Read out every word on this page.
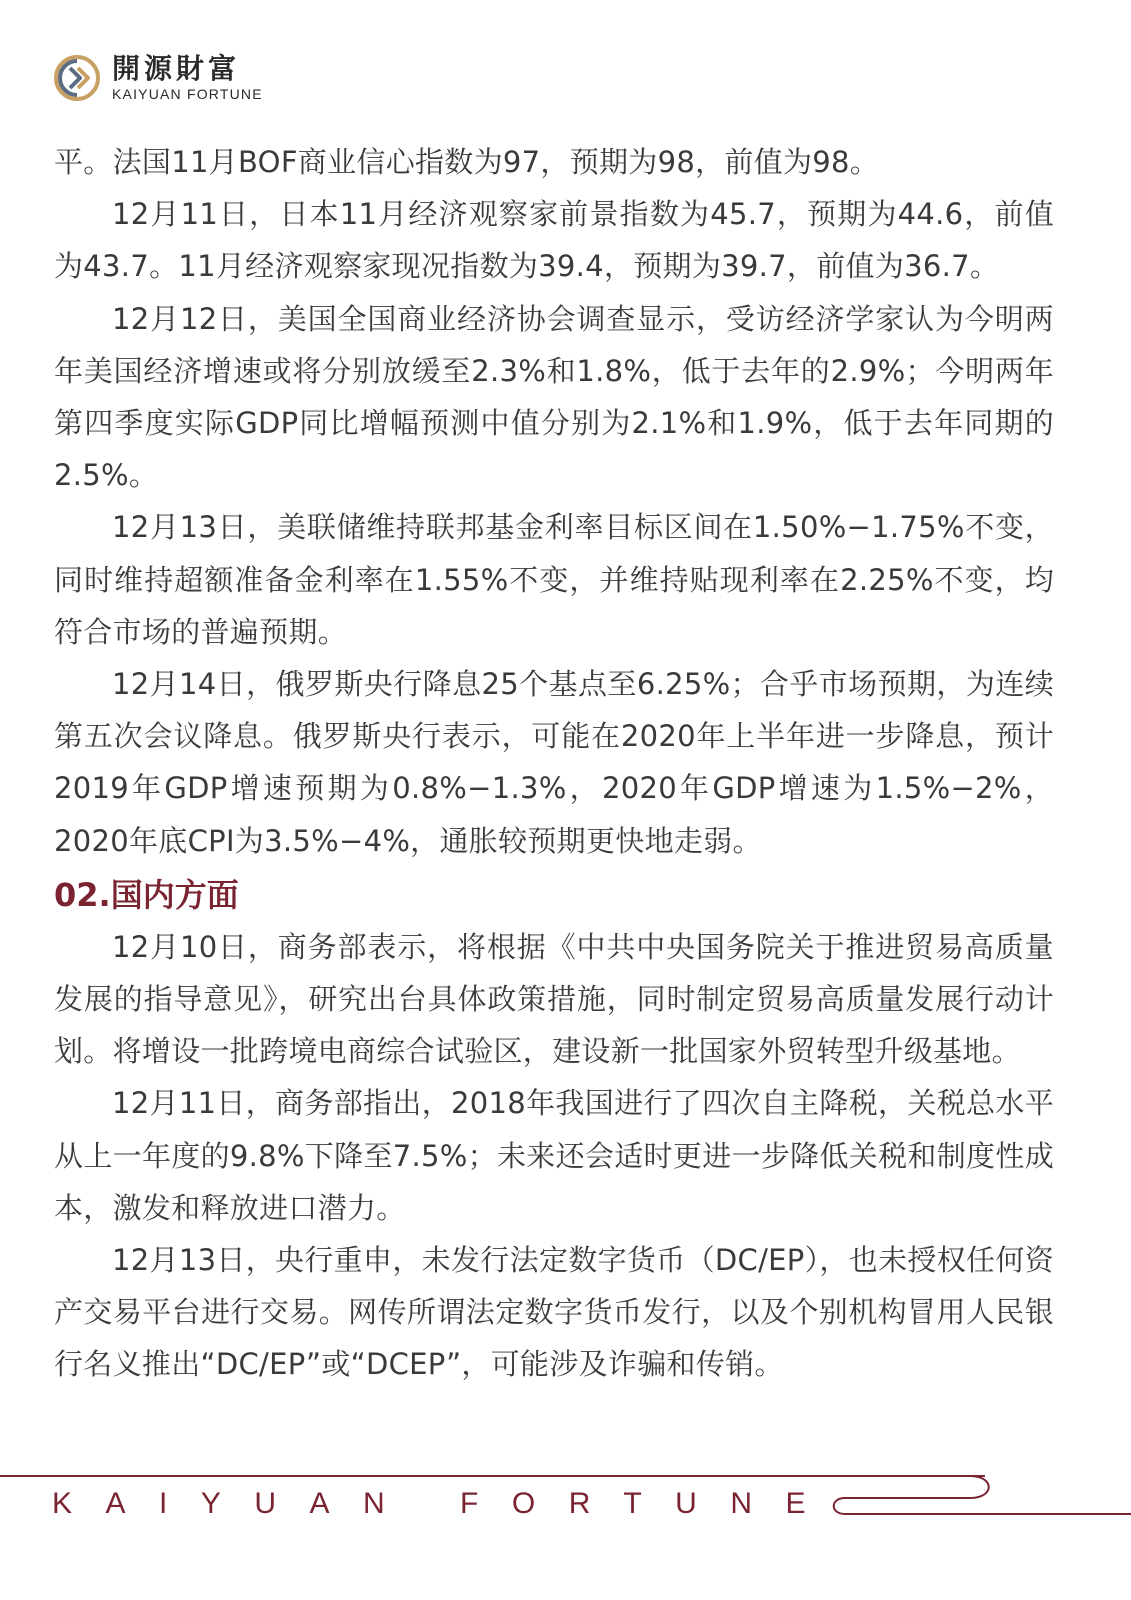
開源財富
KAIYUAN FORTUNE

平。法国11月BOF商业信心指数为97，预期为98，前值为98。

12月11日，日本11月经济观察家前景指数为45.7，预期为44.6，前值为43.7。11月经济观察家现况指数为39.4，预期为39.7，前值为36.7。

12月12日，美国全国商业经济协会调查显示，受访经济学家认为今明两年美国经济增速或将分别放缓至2.3%和1.8%，低于去年的2.9%；今明两年第四季度实际GDP同比增幅预测中值分别为2.1%和1.9%，低于去年同期的2.5%。

12月13日，美联储维持联邦基金利率目标区间在1.50%−1.75%不变，同时维持超额准备金利率在1.55%不变，并维持贴现利率在2.25%不变，均符合市场的普遍预期。

12月14日，俄罗斯央行降息25个基点至6.25%；合乎市场预期，为连续第五次会议降息。俄罗斯央行表示，可能在2020年上半年进一步降息，预计2019年GDP增速预期为0.8%−1.3%，2020年GDP增速为1.5%−2%，2020年底CPI为3.5%−4%，通胀较预期更快地走弱。

02.国内方面

12月10日，商务部表示，将根据《中共中央国务院关于推进贸易高质量发展的指导意见》，研究出台具体政策措施，同时制定贸易高质量发展行动计划。将增设一批跨境电商综合试验区，建设新一批国家外贸转型升级基地。

12月11日，商务部指出，2018年我国进行了四次自主降税，关税总水平从上一年度的9.8%下降至7.5%；未来还会适时更进一步降低关税和制度性成本，激发和释放进口潜力。

12月13日，央行重申，未发行法定数字货币（DC/EP），也未授权任何资产交易平台进行交易。网传所谓法定数字货币发行，以及个别机构冒用人民银行名义推出“DC/EP”或“DCEP”，可能涉及诈骗和传销。

KAIYUAN FORTUNE
